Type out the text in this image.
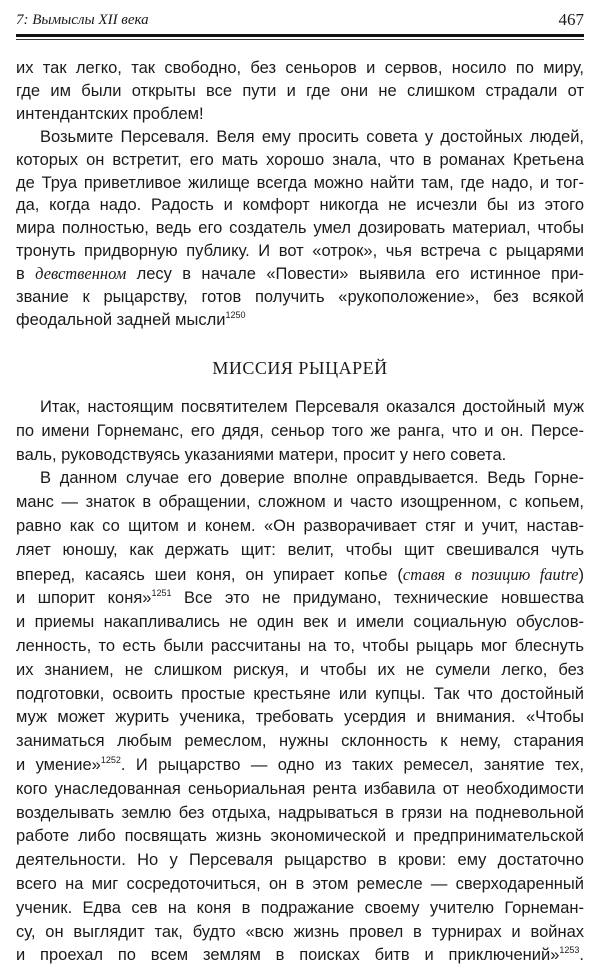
7: Вымыслы XII века	467
их так легко, так свободно, без сеньоров и сервов, носило по миру,
где им были открыты все пути и где они не слишком страдали от
интендантских проблем!
Возьмите Персеваля. Веля ему просить совета у достойных людей,
которых он встретит, его мать хорошо знала, что в романах Кретьена
де Труа приветливое жилище всегда можно найти там, где надо, и тог-
да, когда надо. Радость и комфорт никогда не исчезли бы из этого
мира полностью, ведь его создатель умел дозировать материал, чтобы
тронуть придворную публику. И вот «отрок», чья встреча с рыцарями
в девственном лесу в начале «Повести» выявила его истинное при-
звание к рыцарству, готов получить «рукоположение», без всякой
феодальной задней мысли$^{1250}$
МИССИЯ РЫЦАРЕЙ
Итак, настоящим посвятителем Персеваля оказался достойный муж
по имени Горнеманс, его дядя, сеньор того же ранга, что и он. Персе-
валь, руководствуясь указаниями матери, просит у него совета.
В данном случае его доверие вполне оправдывается. Ведь Горне-
манс — знаток в обращении, сложном и часто изощренном, с копьем,
равно как со щитом и конем. «Он разворачивает стяг и учит, настав-
ляет юношу, как держать щит: велит, чтобы щит свешивался чуть
вперед, касаясь шеи коня, он упирает копье (ставя в позицию fautre)
и шпорит коня»$^{1251}$ Все это не придумано, технические новшества
и приемы накапливались не один век и имели социальную обуслов-
ленность, то есть были рассчитаны на то, чтобы рыцарь мог блеснуть
их знанием, не слишком рискуя, и чтобы их не сумели легко, без
подготовки, освоить простые крестьяне или купцы. Так что достойный
муж может журить ученика, требовать усердия и внимания. «Чтобы
заниматься любым ремеслом, нужны склонность к нему, старания
и умение»$^{1252}$. И рыцарство — одно из таких ремесел, занятие тех,
кого унаследованная сеньориальная рента избавила от необходимости
возделывать землю без отдыха, надрываться в грязи на подневольной
работе либо посвящать жизнь экономической и предпринимательской
деятельности. Но у Персеваля рыцарство в крови: ему достаточно
всего на миг сосредоточиться, он в этом ремесле — сверходаренный
ученик. Едва сев на коня в подражание своему учителю Горнеман-
су, он выглядит так, будто «всю жизнь провел в турнирах и войнах
и проехал по всем землям в поисках битв и приключений»$^{1253}$.
